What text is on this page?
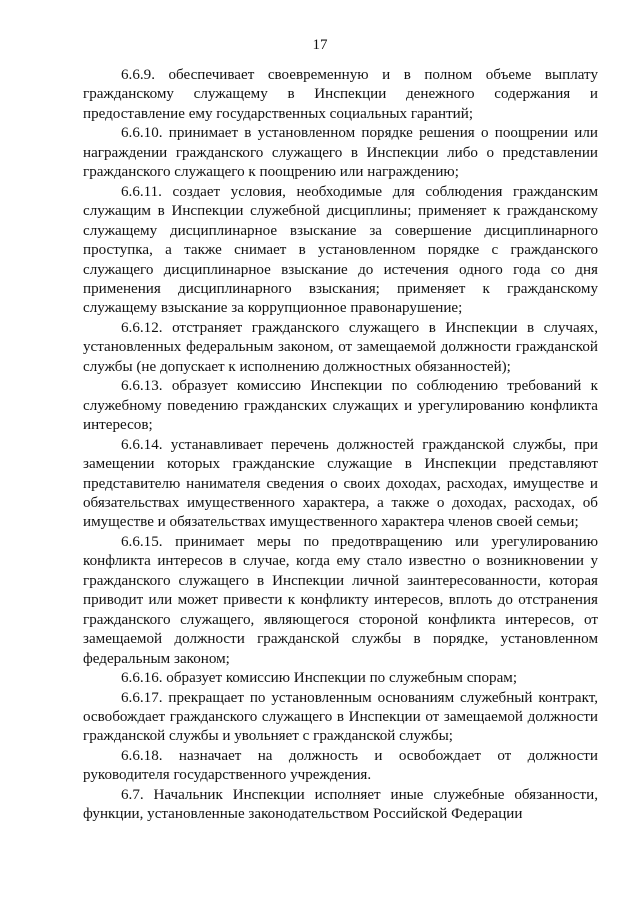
17

6.6.9. обеспечивает своевременную и в полном объеме выплату гражданскому служащему в Инспекции денежного содержания и предоставление ему государственных социальных гарантий;

6.6.10. принимает в установленном порядке решения о поощрении или награждении гражданского служащего в Инспекции либо о представлении гражданского служащего к поощрению или награждению;

6.6.11. создает условия, необходимые для соблюдения гражданским служащим в Инспекции служебной дисциплины; применяет к гражданскому служащему дисциплинарное взыскание за совершение дисциплинарного проступка, а также снимает в установленном порядке с гражданского служащего дисциплинарное взыскание до истечения одного года со дня применения дисциплинарного взыскания; применяет к гражданскому служащему взыскание за коррупционное правонарушение;

6.6.12. отстраняет гражданского служащего в Инспекции в случаях, установленных федеральным законом, от замещаемой должности гражданской службы (не допускает к исполнению должностных обязанностей);

6.6.13. образует комиссию Инспекции по соблюдению требований к служебному поведению гражданских служащих и урегулированию конфликта интересов;

6.6.14. устанавливает перечень должностей гражданской службы, при замещении которых гражданские служащие в Инспекции представляют представителю нанимателя сведения о своих доходах, расходах, имуществе и обязательствах имущественного характера, а также о доходах, расходах, об имуществе и обязательствах имущественного характера членов своей семьи;

6.6.15. принимает меры по предотвращению или урегулированию конфликта интересов в случае, когда ему стало известно о возникновении у гражданского служащего в Инспекции личной заинтересованности, которая приводит или может привести к конфликту интересов, вплоть до отстранения гражданского служащего, являющегося стороной конфликта интересов, от замещаемой должности гражданской службы в порядке, установленном федеральным законом;

6.6.16. образует комиссию Инспекции по служебным спорам;

6.6.17. прекращает по установленным основаниям служебный контракт, освобождает гражданского служащего в Инспекции от замещаемой должности гражданской службы и увольняет с гражданской службы;

6.6.18. назначает на должность и освобождает от должности руководителя государственного учреждения.

6.7. Начальник Инспекции исполняет иные служебные обязанности, функции, установленные законодательством Российской Федерации
